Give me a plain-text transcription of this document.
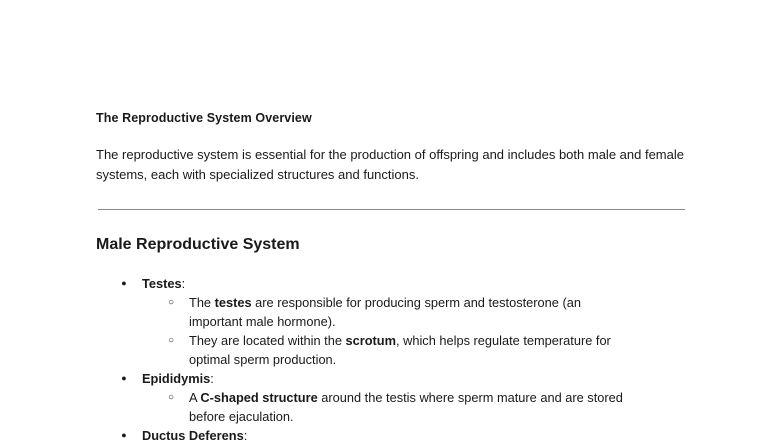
The Reproductive System Overview
The reproductive system is essential for the production of offspring and includes both male and female systems, each with specialized structures and functions.
Male Reproductive System
● Testes:
○ The testes are responsible for producing sperm and testosterone (an
important male hormone).
○ They are located within the scrotum, which helps regulate temperature for
optimal sperm production.
● Epididymis:
○ A C-shaped structure around the testis where sperm mature and are stored
before ejaculation.
● Ductus Deferens:
